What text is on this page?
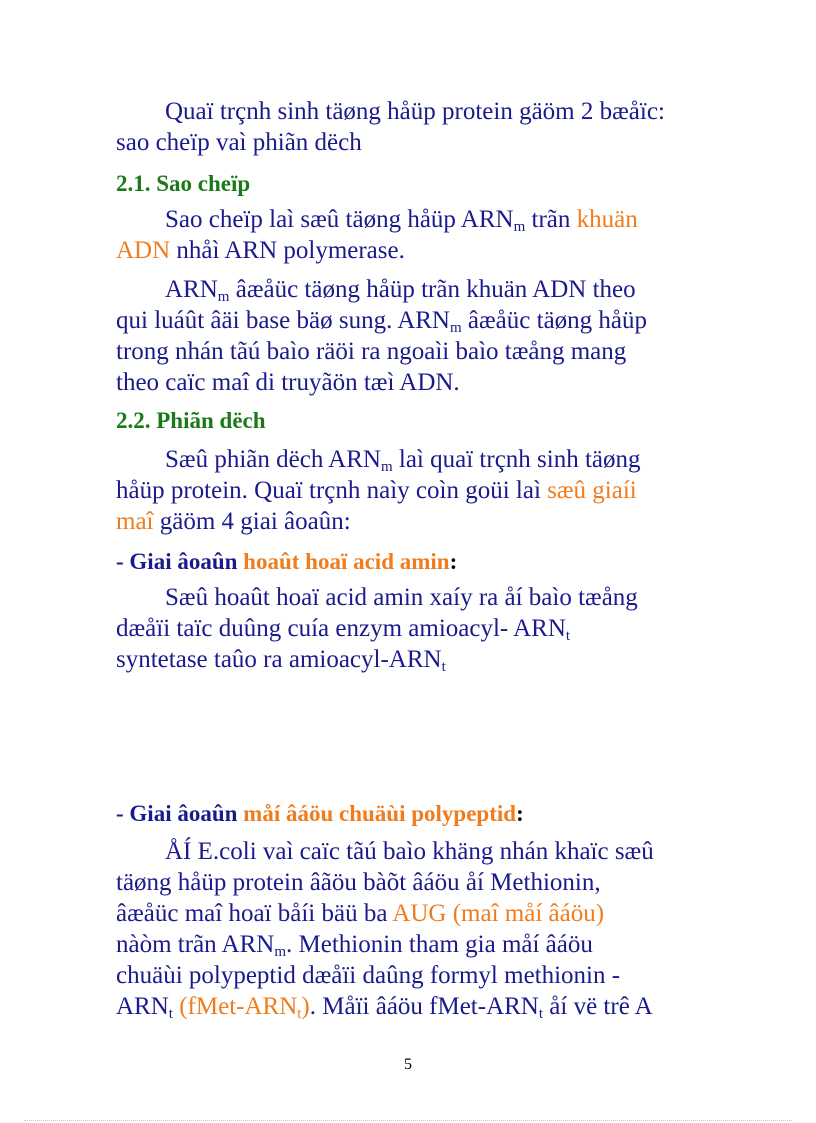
Quaï trçnh sinh täøng håüp protein gäöm 2 bæåïc:
sao cheïp vaì phiãn dëch

2.1. Sao cheïp

Sao cheïp laì sæû täøng håüp $ARN_m$ trãn khuän
ADN nhåì ARN polymerase.

$ARN_m$ âæåüc täøng håüp trãn khuän ADN theo
qui luáût âäi base bäø sung. $ARN_m$ âæåüc täøng håüp
trong nhán tãú baìo räöi ra ngoaìi baìo tæång mang
theo caïc maî di truyãön tæì ADN.

2.2. Phiãn dëch

Sæû phiãn dëch $ARN_m$ laì quaï trçnh sinh täøng
håüp protein. Quaï trçnh naìy coìn goüi laì sæû giaíi
maî gäöm 4 giai âoaûn:

- Giai âoaûn hoaût hoaï acid amin:

Sæû hoaût hoaï acid amin xaíy ra åí baìo tæång
dæåïi taïc duûng cuía enzym amioacyl- $ARN_t$
syntetase taûo ra amioacyl-$ARN_t$

- Giai âoaûn måí âáöu chuäùi polypeptid:

ÅÍ E.coli vaì caïc tãú baìo khäng nhán khaïc sæû
täøng håüp protein âãöu bàõt âáöu åí Methionin,
âæåüc maî hoaï båíi bäü ba AUG (maî måí âáöu)
nàòm trãn $ARN_m$. Methionin tham gia måí âáöu
chuäùi polypeptid dæåïi daûng formyl methionin -
$ARN_t$ $(fMet-ARN_t)$. Måïi âáöu fMet-$ARN_t$ åí vë trê A

5
